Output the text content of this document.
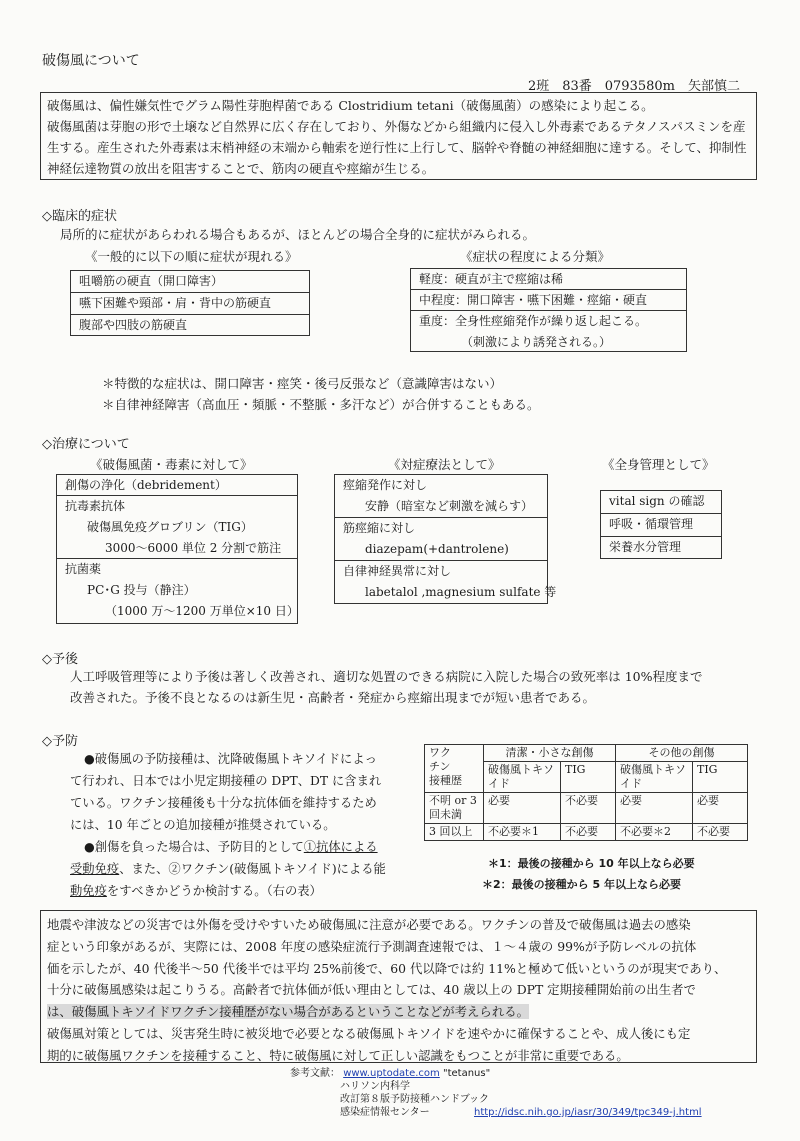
破傷風について
2班　83番　0793580m　矢部慎二
破傷風は、偏性嫌気性でグラム陽性芽胞桿菌である Clostridium tetani（破傷風菌）の感染により起こる。
破傷風菌は芽胞の形で土壌など自然界に広く存在しており、外傷などから組織内に侵入し外毒素であるテタノスパスミンを産生する。産生された外毒素は末梢神経の末端から軸索を逆行性に上行して、脳幹や脊髄の神経細胞に達する。そして、抑制性神経伝達物質の放出を阻害することで、筋肉の硬直や痙縮が生じる。
◇臨床的症状
局所的に症状があらわれる場合もあるが、ほとんどの場合全身的に症状がみられる。
《一般的に以下の順に症状が現れる》	《症状の程度による分類》
咀嚼筋の硬直（開口障害）
嚥下困難や頸部・肩・背中の筋硬直
腹部や四肢の筋硬直
軽度：硬直が主で痙縮は稀
中程度：開口障害・嚥下困難・痙縮・硬直
重度：全身性痙縮発作が繰り返し起こる。
（刺激により誘発される。）
＊特徴的な症状は、開口障害・痙笑・後弓反張など（意識障害はない）
＊自律神経障害（高血圧・頻脈・不整脈・多汗など）が合併することもある。
◇治療について
《破傷風菌・毒素に対して》	《対症療法として》	《全身管理として》
創傷の浄化（debridement）
抗毒素抗体
破傷風免疫グロブリン（TIG）
3000～6000 単位 2 分割で筋注
抗菌薬
PC･G 投与（静注）
（1000 万～1200 万単位×10 日）
痙縮発作に対し
安静（暗室など刺激を減らす）
筋痙縮に対し
diazepam(+dantrolene)
自律神経異常に対し
labetalol ,magnesium sulfate 等
vital sign の確認
呼吸・循環管理
栄養水分管理
◇予後
人工呼吸管理等により予後は著しく改善され、適切な処置のできる病院に入院した場合の致死率は 10%程度まで
改善された。予後不良となるのは新生児・高齢者・発症から痙縮出現までが短い患者である。
◇予防
●破傷風の予防接種は、沈降破傷風トキソイドによっ
て行われ、日本では小児定期接種の DPT、DT に含まれ
ている。ワクチン接種後も十分な抗体価を維持するため
には、10 年ごとの追加接種が推奨されている。
●創傷を負った場合は、予防目的として①抗体による
受動免疫、また、②ワクチン(破傷風トキソイド)による能
動免疫をすべきかどうか検討する。（右の表）
ワク
チン
接種歴	清潔・小さな創傷		その他の創傷	
	破傷風トキソイド	TIG	破傷風トキソイド	TIG
不明 or 3 回未満	必要	不必要	必要	必要
3 回以上	不必要＊1	不必要	不必要＊2	不必要
＊1：最後の接種から 10 年以上なら必要
＊2：最後の接種から 5 年以上なら必要
地震や津波などの災害では外傷を受けやすいため破傷風に注意が必要である。ワクチンの普及で破傷風は過去の感染
症という印象があるが、実際には、2008 年度の感染症流行予測調査速報では、１～４歳の 99%が予防レベルの抗体
価を示したが、40 代後半～50 代後半では平均 25%前後で、60 代以降では約 11%と極めて低いというのが現実であり、
十分に破傷風感染は起こりうる。高齢者で抗体価が低い理由としては、40 歳以上の DPT 定期接種開始前の出生者で
は、破傷風トキソイドワクチン接種歴がない場合があるということなどが考えられる。
破傷風対策としては、災害発生時に被災地で必要となる破傷風トキソイドを速やかに確保することや、成人後にも定
期的に破傷風ワクチンを接種すること、特に破傷風に対して正しい認識をもつことが非常に重要である。
参考文献： www.uptodate.com "tetanus"
ハリソン内科学
改訂第８版予防接種ハンドブック
感染症情報センター	http://idsc.nih.go.jp/iasr/30/349/tpc349-j.html
